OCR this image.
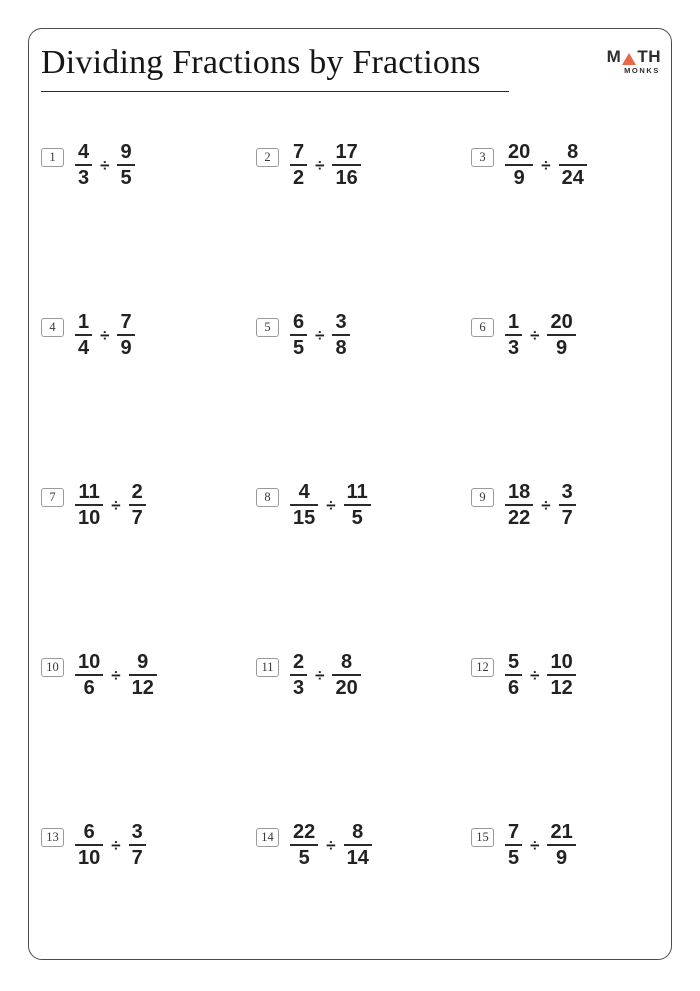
Dividing Fractions by Fractions	M TH
MONKS
$1 \frac{4}{3} \div \frac{9}{5}$	$2 \frac{7}{2} \div \frac{17}{16}$	$3 \frac{20}{9} \div \frac{8}{24}$
$4 \frac{1}{4} \div \frac{7}{9}$	$5 \frac{6}{5} \div \frac{3}{8}$	$6 \frac{1}{3} \div \frac{20}{9}$
$7 \frac{11}{10} \div \frac{2}{7}$	$8 \frac{4}{15} \div \frac{11}{5}$	$9 \frac{18}{22} \div \frac{3}{7}$
$10 \frac{10}{6} \div \frac{9}{12}$	$11 \frac{2}{3} \div \frac{8}{20}$	$12 \frac{5}{6} \div \frac{10}{12}$
$13 \frac{6}{10} \div \frac{3}{7}$	$14 \frac{22}{5} \div \frac{8}{14}$	$15 \frac{7}{5} \div \frac{21}{9}$
